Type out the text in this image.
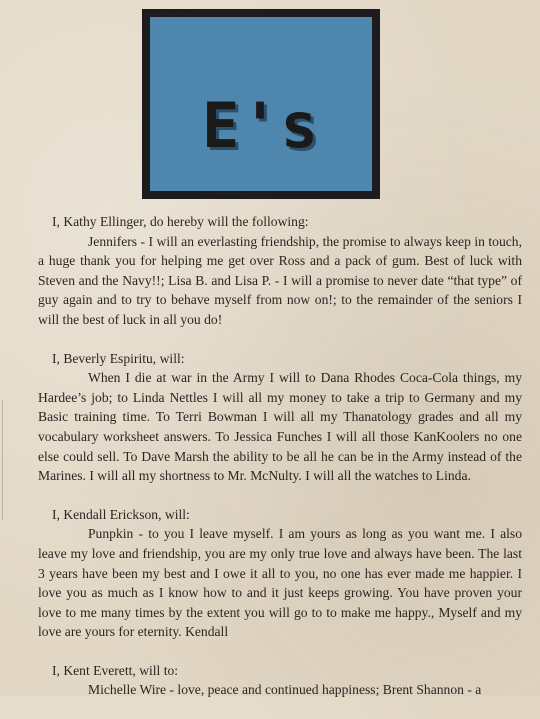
E's

I, Kathy Ellinger, do hereby will the following:

Jennifers - I will an everlasting friendship, the promise to always keep in touch, a huge thank you for helping me get over Ross and a pack of gum. Best of luck with Steven and the Navy!!; Lisa B. and Lisa P. - I will a promise to never date “that type” of guy again and to try to behave myself from now on!; to the remainder of the seniors I will the best of luck in all you do!

I, Beverly Espiritu, will:

When I die at war in the Army I will to Dana Rhodes Coca-Cola things, my Hardee’s job; to Linda Nettles I will all my money to take a trip to Germany and my Basic training time. To Terri Bowman I will all my Thanatology grades and all my vocabulary worksheet answers. To Jessica Funches I will all those KanKoolers no one else could sell. To Dave Marsh the ability to be all he can be in the Army instead of the Marines. I will all my shortness to Mr. McNulty. I will all the watches to Linda.

I, Kendall Erickson, will:

Punpkin - to you I leave myself. I am yours as long as you want me. I also leave my love and friendship, you are my only true love and always have been. The last 3 years have been my best and I owe it all to you, no one has ever made me happier. I love you as much as I know how to and it just keeps growing. You have proven your love to me many times by the extent you will go to to make me happy., Myself and my love are yours for eternity. Kendall

I, Kent Everett, will to:

Michelle Wire - love, peace and continued happiness; Brent Shannon - a
